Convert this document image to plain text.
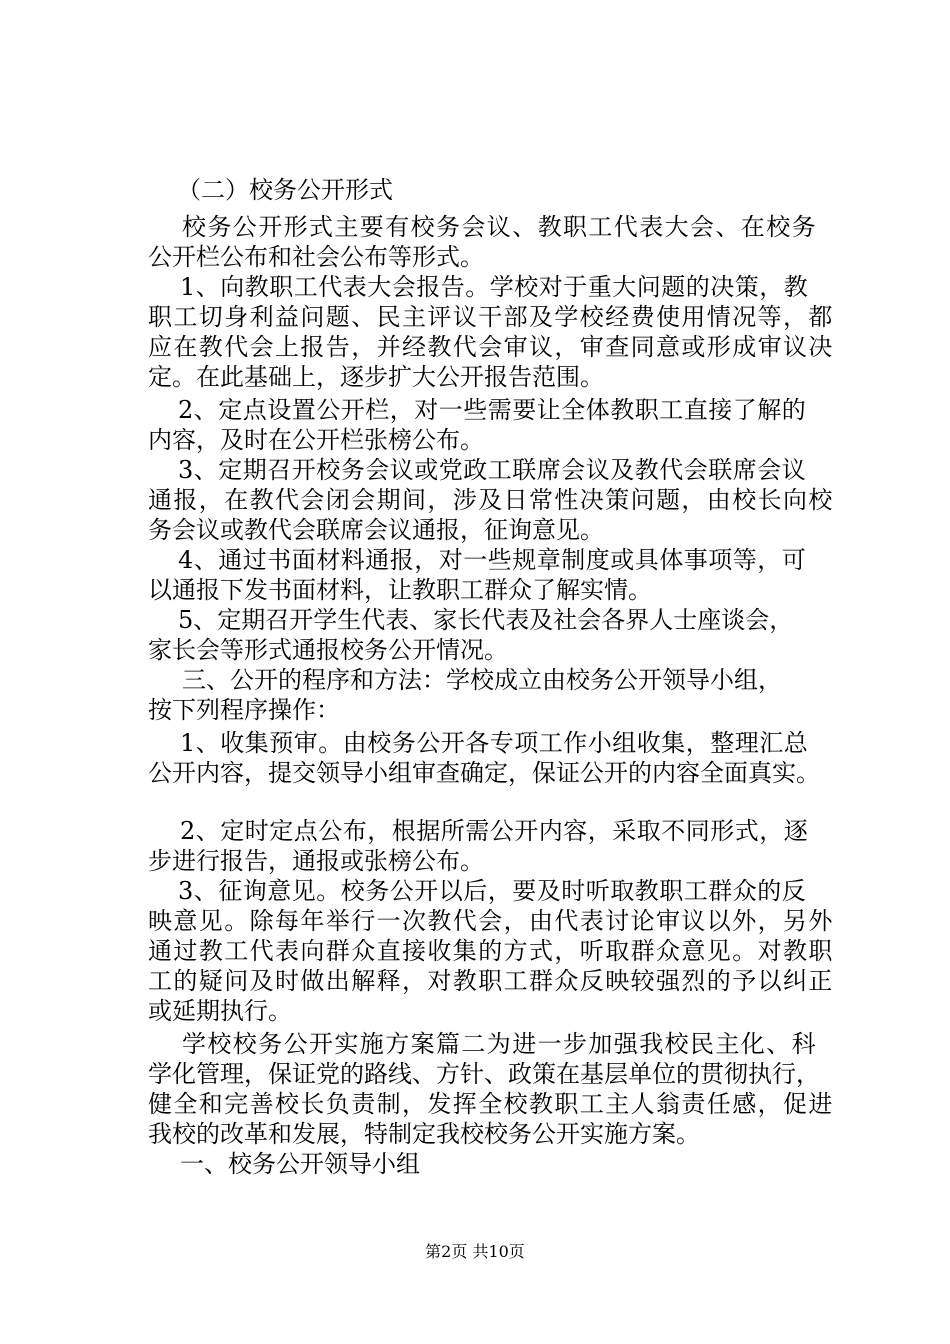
（二）校务公开形式

校务公开形式主要有校务会议、教职工代表大会、在校务

公开栏公布和社会公布等形式。

1、向教职工代表大会报告。学校对于重大问题的决策，教

职工切身利益问题、民主评议干部及学校经费使用情况等，都

应在教代会上报告，并经教代会审议，审查同意或形成审议决

定。在此基础上，逐步扩大公开报告范围。

2、定点设置公开栏，对一些需要让全体教职工直接了解的

内容，及时在公开栏张榜公布。

3、定期召开校务会议或党政工联席会议及教代会联席会议

通报，在教代会闭会期间，涉及日常性决策问题，由校长向校

务会议或教代会联席会议通报，征询意见。

4、通过书面材料通报，对一些规章制度或具体事项等，可

以通报下发书面材料，让教职工群众了解实情。

5、定期召开学生代表、家长代表及社会各界人士座谈会，

家长会等形式通报校务公开情况。

三、公开的程序和方法：学校成立由校务公开领导小组，

按下列程序操作：

1、收集预审。由校务公开各专项工作小组收集，整理汇总

公开内容，提交领导小组审查确定，保证公开的内容全面真实。

2、定时定点公布，根据所需公开内容，采取不同形式，逐

步进行报告，通报或张榜公布。

3、征询意见。校务公开以后，要及时听取教职工群众的反

映意见。除每年举行一次教代会，由代表讨论审议以外，另外

通过教工代表向群众直接收集的方式，听取群众意见。对教职

工的疑问及时做出解释，对教职工群众反映较强烈的予以纠正

或延期执行。

学校校务公开实施方案篇二为进一步加强我校民主化、科

学化管理，保证党的路线、方针、政策在基层单位的贯彻执行，

健全和完善校长负责制，发挥全校教职工主人翁责任感，促进

我校的改革和发展，特制定我校校务公开实施方案。

一、校务公开领导小组

第2页 共10页
